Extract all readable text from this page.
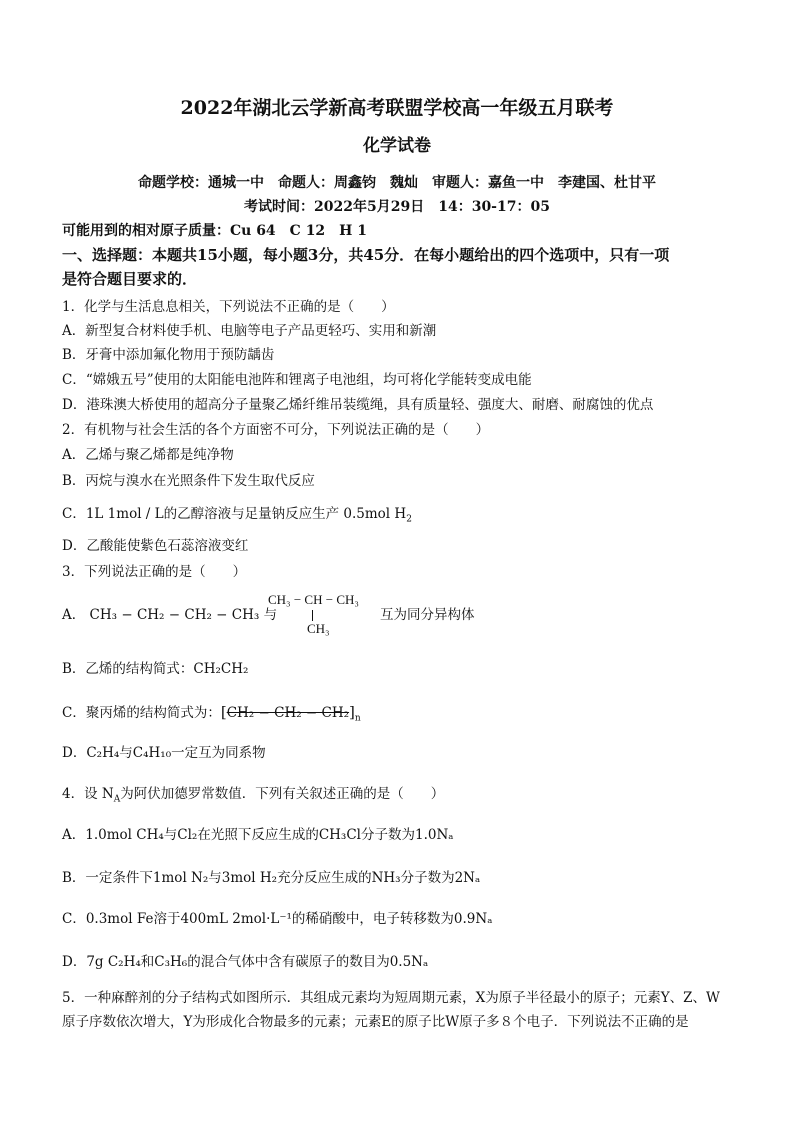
2022年湖北云学新高考联盟学校高一年级五月联考
化学试卷
命题学校：通城一中　命题人：周鑫钧　魏灿　审题人：嘉鱼一中　李建国、杜甘平
考试时间：2022年5月29日　14：30-17：05
可能用到的相对原子质量：Cu 64　C 12　H 1
一、选择题：本题共15小题，每小题3分，共45分．在每小题给出的四个选项中，只有一项
是符合题目要求的．
1．化学与生活息息相关，下列说法不正确的是（　　）
A．新型复合材料使手机、电脑等电子产品更轻巧、实用和新潮
B．牙膏中添加氟化物用于预防龋齿
C．“嫦娥五号”使用的太阳能电池阵和锂离子电池组，均可将化学能转变成电能
D．港珠澳大桥使用的超高分子量聚乙烯纤维吊装缆绳，具有质量轻、强度大、耐磨、耐腐蚀的优点
2．有机物与社会生活的各个方面密不可分，下列说法正确的是（　　）
A．乙烯与聚乙烯都是纯净物
B．丙烷与溴水在光照条件下发生取代反应
C．1L 1mol / L的乙醇溶液与足量钠反应生产 0.5mol $H_2$
D．乙酸能使紫色石蕊溶液变红
3．下列说法正确的是（　　）
A． CH₃ − CH₂ − CH₂ − CH₃ 与
CH₃ − CH − CH₃
CH₃
互为同分异构体
B．乙烯的结构简式：CH₂CH₂
C．聚丙烯的结构简式为：$[CH_2 - CH_2 - CH_2]_n$
D．C₂H₄与C₄H₁₀一定互为同系物
4．设 $N_A$为阿伏加德罗常数值．下列有关叙述正确的是（　　）
A．1.0mol CH₄与Cl₂在光照下反应生成的CH₃Cl分子数为1.0Nₐ
B．一定条件下1mol N₂与3mol H₂充分反应生成的NH₃分子数为2Nₐ
C．0.3mol Fe溶于400mL 2mol·L⁻¹的稀硝酸中，电子转移数为0.9Nₐ
D．7g C₂H₄和C₃H₆的混合气体中含有碳原子的数目为0.5Nₐ
5．一种麻醉剂的分子结构式如图所示．其组成元素均为短周期元素，X为原子半径最小的原子；元素Y、Z、W
原子序数依次增大，Y为形成化合物最多的元素；元素E的原子比W原子多８个电子．下列说法不正确的是
